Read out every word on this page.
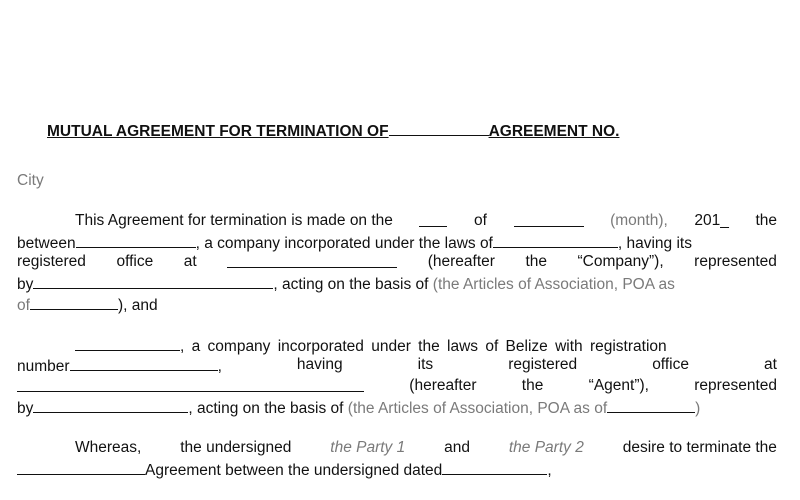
MUTUAL AGREEMENT FOR TERMINATION OF	AGREEMENT NO.
City
This Agreement for termination is made on the	of	(month), 201_ the
between	, a company incorporated under the laws of	, having its
registered office at	(hereafter the “Company”), represented
by	, acting on the basis of (the Articles of Association, POA as
of	), and
, a company incorporated under the laws of Belize with registration
number	,	having	its	registered	office	at
(hereafter	the	“Agent”),	represented
by	, acting on the basis of (the Articles of Association, POA as of	)
Whereas,	the undersigned	the Party 1	and	the Party 2	desire to terminate the
Agreement between the undersigned dated	,
